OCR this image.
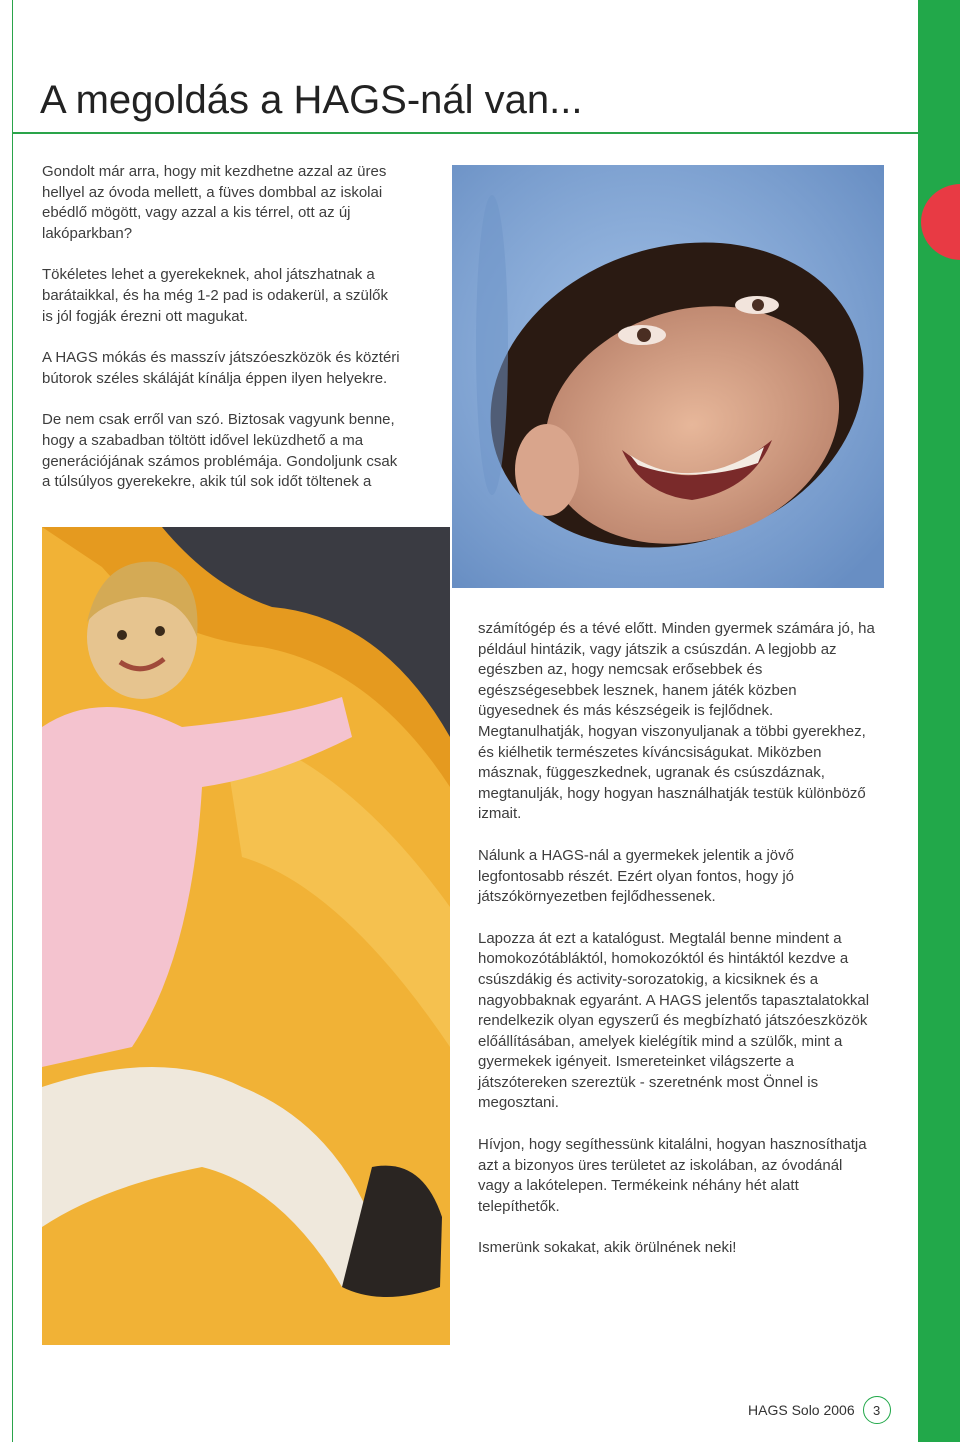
A megoldás a HAGS-nál van...

Gondolt már arra, hogy mit kezdhetne azzal az üres hellyel az óvoda mellett, a füves dombbal az iskolai ebédlő mögött, vagy azzal a kis térrel, ott az új lakóparkban?

Tökéletes lehet a gyerekeknek, ahol játszhatnak a barátaikkal, és ha még 1-2 pad is odakerül, a szülők is jól fogják érezni ott magukat.

A HAGS mókás és masszív játszóeszközök és köztéri bútorok széles skáláját kínálja éppen ilyen helyekre.

De nem csak erről van szó. Biztosak vagyunk benne, hogy a szabadban töltött idővel leküzdhető a ma generációjának számos problémája. Gondoljunk csak a túlsúlyos gyerekekre, akik túl sok időt töltenek a

számítógép és a tévé előtt. Minden gyermek számára jó, ha például hintázik, vagy játszik a csúszdán. A legjobb az egészben az, hogy nemcsak erősebbek és egészségesebbek lesznek, hanem játék közben ügyesednek és más készségeik is fejlődnek. Megtanulhatják, hogyan viszonyuljanak a többi gyerekhez, és kiélhetik természetes kíváncsiságukat. Miközben másznak, függeszkednek, ugranak és csúszdáznak, megtanulják, hogy hogyan használhatják testük különböző izmait.

Nálunk a HAGS-nál a gyermekek jelentik a jövő legfontosabb részét. Ezért olyan fontos, hogy jó játszókörnyezetben fejlődhessenek.

Lapozza át ezt a katalógust. Megtalál benne mindent a homokozótábláktól, homokozóktól és hintáktól kezdve a csúszdákig és activity-sorozatokig, a kicsiknek és a nagyobbaknak egyaránt. A HAGS jelentős tapasztalatokkal rendelkezik olyan egyszerű és megbízható játszóeszközök előállításában, amelyek kielégítik mind a szülők, mint a gyermekek igényeit. Ismereteinket világszerte a játszótereken szereztük - szeretnénk most Önnel is megosztani.

Hívjon, hogy segíthessünk kitalálni, hogyan hasznosíthatja azt a bizonyos üres területet az iskolában, az óvodánál vagy a lakótelepen. Termékeink néhány hét alatt telepíthetők.

Ismerünk sokakat, akik örülnének neki!

HAGS Solo 2006	3
